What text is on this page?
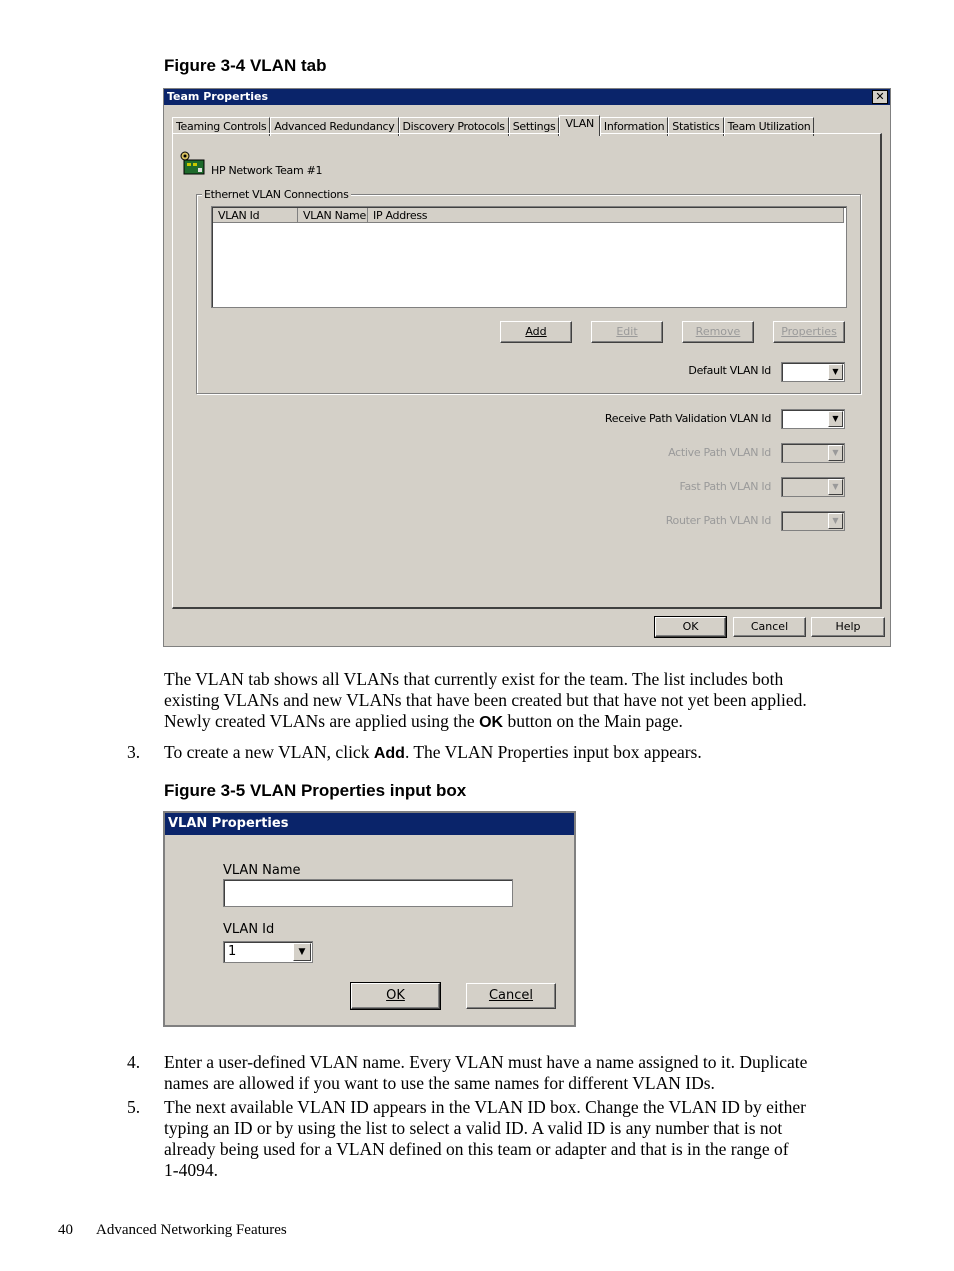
Figure 3-4 VLAN tab
Team Properties	✕
Teaming Controls Advanced Redundancy Discovery Protocols Settings VLAN Information Statistics Team Utilization
HP Network Team #1
Ethernet VLAN Connections
VLAN Id	VLAN Name IP Address
Add	Edit	Remove	Properties
Default VLAN Id	▼
Receive Path Validation VLAN Id	▼
Active Path VLAN Id	▼
Fast Path VLAN Id	▼
Router Path VLAN Id	▼
OK	Cancel	Help
The VLAN tab shows all VLANs that currently exist for the team. The list includes both
existing VLANs and new VLANs that have been created but that have not yet been applied.
Newly created VLANs are applied using the OK button on the Main page.
3. To create a new VLAN, click Add. The VLAN Properties input box appears.
Figure 3-5 VLAN Properties input box
VLAN Properties
VLAN Name
VLAN Id
1	▼
OK	Cancel
4. Enter a user-defined VLAN name. Every VLAN must have a name assigned to it. Duplicate
names are allowed if you want to use the same names for different VLAN IDs.
5. The next available VLAN ID appears in the VLAN ID box. Change the VLAN ID by either
typing an ID or by using the list to select a valid ID. A valid ID is any number that is not
already being used for a VLAN defined on this team or adapter and that is in the range of
1-4094.
40 Advanced Networking Features
